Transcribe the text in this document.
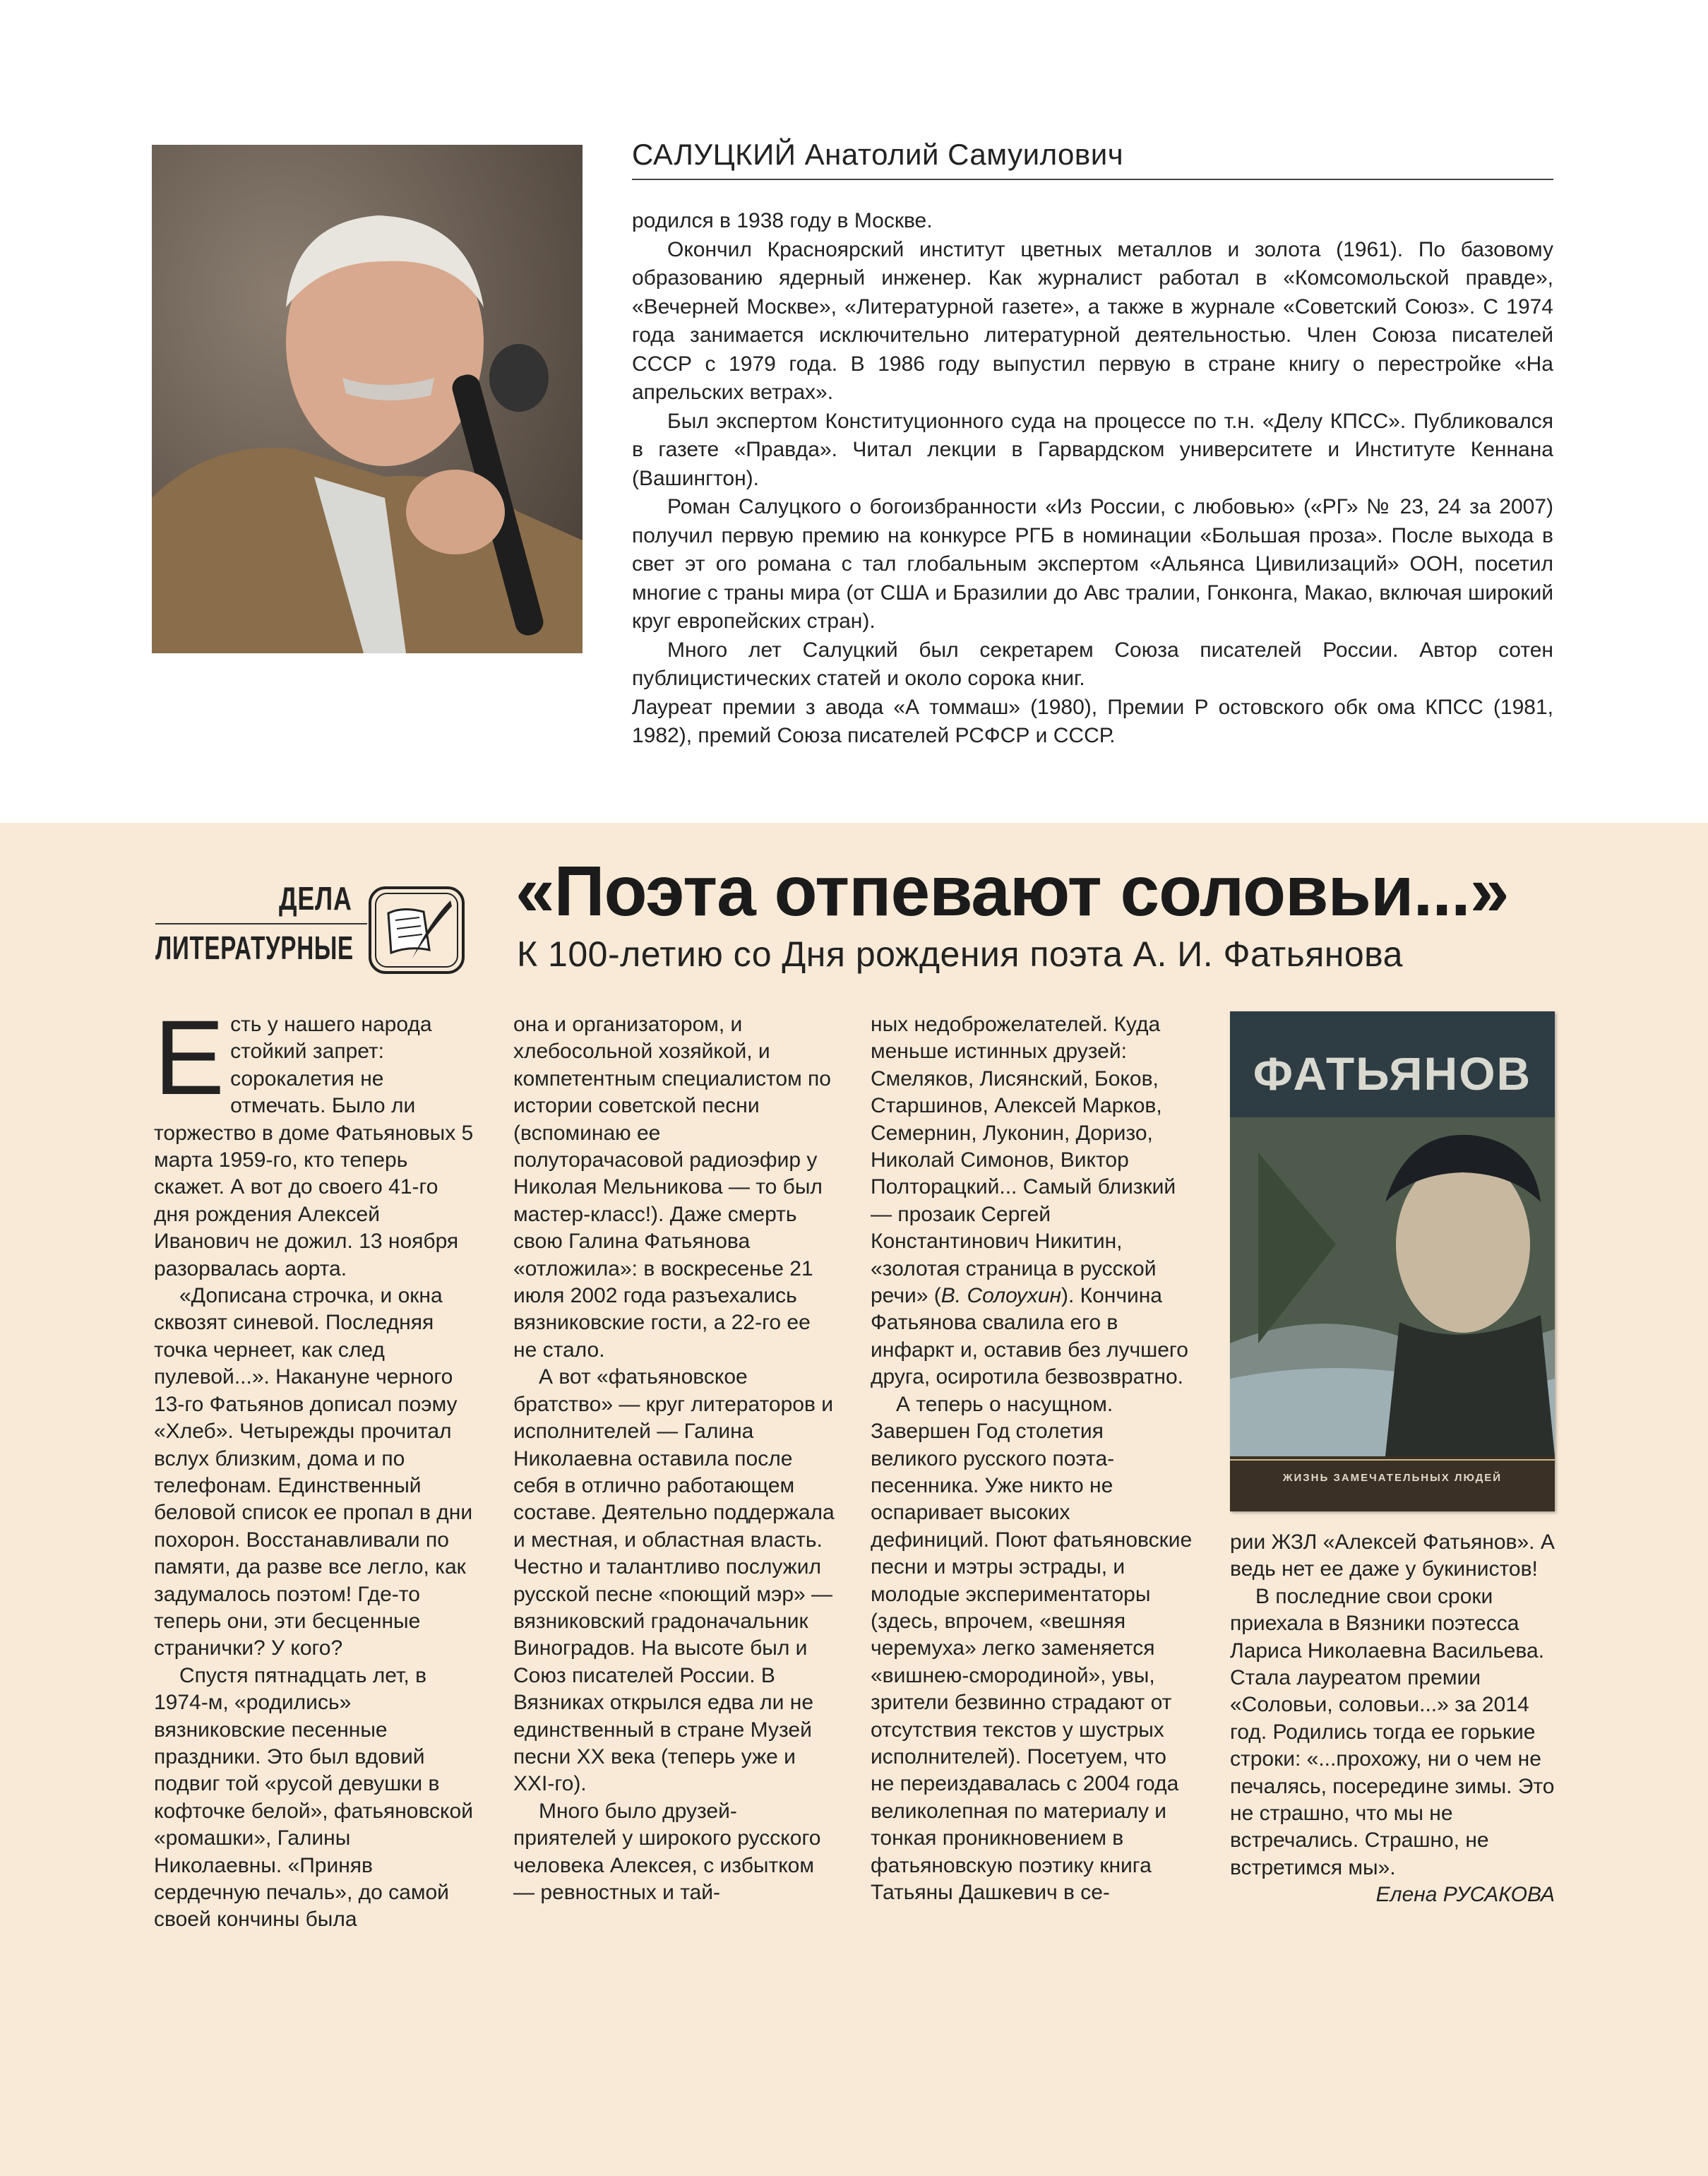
САЛУЦКИЙ Анатолий Самуилович

родился в 1938 году в Москве.

Окончил Красноярский институт цветных металлов и золота (1961). По базовому образованию ядерный инженер. Как журналист работал в «Комсомольской правде», «Вечерней Москве», «Литературной газете», а также в журнале «Советский Союз». С 1974 года занимается исключительно литературной деятельностью. Член Союза писателей СССР с 1979 года. В 1986 году выпустил первую в стране книгу о перестройке «На апрельских ветрах».

Был экспертом Конституционного суда на процессе по т.н. «Делу КПСС». Публиковался в газете «Правда». Читал лекции в Гарвардском университете и Институте Кеннана (Вашингтон).

Роман Салуцкого о богоизбранности «Из России, с любовью» («РГ» № 23, 24 за 2007) получил первую премию на конкурсе РГБ в номинации «Большая проза». После выхода в свет эт ого романа с тал глобальным экспертом «Альянса Цивилизаций» ООН, посетил многие с траны мира (от США и Бразилии до Авс тралии, Гонконга, Макао, включая широкий круг европейских стран).

Много лет Салуцкий был секретарем Союза писателей России. Автор сотен публицистических статей и около сорока книг.

Лауреат премии з авода «А томмаш» (1980), Премии Р остовского обк ома КПСС (1981, 1982), премий Союза писателей РСФСР и СССР.

ДЕЛА
ЛИТЕРАТУРНЫЕ
«Поэта отпевают соловьи...»
К 100-летию со Дня рождения поэта А. И. Фатьянова

Есть у нашего народа стойкий запрет: сорокалетия не отмечать. Было ли торжество в доме Фатьяновых 5 марта 1959-го, кто теперь скажет. А вот до своего 41-го дня рождения Алексей Иванович не дожил. 13 ноября разорвалась аорта.

«Дописана строчка, и окна сквозят синевой. Последняя точка чернеет, как след пулевой...». Накануне черного 13-го Фатьянов дописал поэму «Хлеб». Четырежды прочитал вслух близким, дома и по телефонам. Единственный беловой список ее пропал в дни похорон. Восстанавливали по памяти, да разве все легло, как задумалось поэтом! Где-то теперь они, эти бесценные странички? У кого?

Спустя пятнадцать лет, в 1974-м, «родились» вязниковские песенные праздники. Это был вдовий подвиг той «русой девушки в кофточке белой», фатьяновской «ромашки», Галины Николаевны. «Приняв сердечную печаль», до самой своей кончины была

она и организатором, и хлебосольной хозяйкой, и компетентным специалистом по истории советской песни (вспоминаю ее полуторачасовой радиоэфир у Николая Мельникова — то был мастер-класс!). Даже смерть свою Галина Фатьянова «отложила»: в воскресенье 21 июля 2002 года разъехались вязниковские гости, а 22-го ее не стало.

А вот «фатьяновское братство» — круг литераторов и исполнителей — Галина Николаевна оставила после себя в отлично работающем составе. Деятельно поддержала и местная, и областная власть. Честно и талантливо послужил русской песне «поющий мэр» — вязниковский градоначальник Виноградов. На высоте был и Союз писателей России. В Вязниках открылся едва ли не единственный в стране Музей песни XX века (теперь уже и XXI-го).

Много было друзей-приятелей у широкого русского человека Алексея, с избытком — ревностных и тай-

ных недоброжелателей. Куда меньше истинных друзей: Смеляков, Лисянский, Боков, Старшинов, Алексей Марков, Семернин, Луконин, Доризо, Николай Симонов, Виктор Полторацкий... Самый близкий — прозаик Сергей Константинович Никитин, «золотая страница в русской речи» (В. Солоухин). Кончина Фатьянова свалила его в инфаркт и, оставив без лучшего друга, осиротила безвозвратно.

А теперь о насущном. Завершен Год столетия великого русского поэта-песенника. Уже никто не оспаривает высоких дефиниций. Поют фатьяновские песни и мэтры эстрады, и молодые экспериментаторы (здесь, впрочем, «вешняя черемуха» легко заменяется «вишнею-смородиной», увы, зрители безвинно страдают от отсутствия текстов у шустрых исполнителей). Посетуем, что не переиздавалась с 2004 года великолепная по материалу и тонкая проникновением в фатьяновскую поэтику книга Татьяны Дашкевич в се-

ФАТЬЯНОВ
ЖИЗНЬ ЗАМЕЧАТЕЛЬНЫХ ЛЮДЕЙ

рии ЖЗЛ «Алексей Фатьянов». А ведь нет ее даже у букинистов!

В последние свои сроки приехала в Вязники поэтесса Лариса Николаевна Васильева. Стала лауреатом премии «Соловьи, соловьи...» за 2014 год. Родились тогда ее горькие строки: «...прохожу, ни о чем не печалясь, посередине зимы. Это не страшно, что мы не встречались. Страшно, не встретимся мы».

Елена РУСАКОВА
